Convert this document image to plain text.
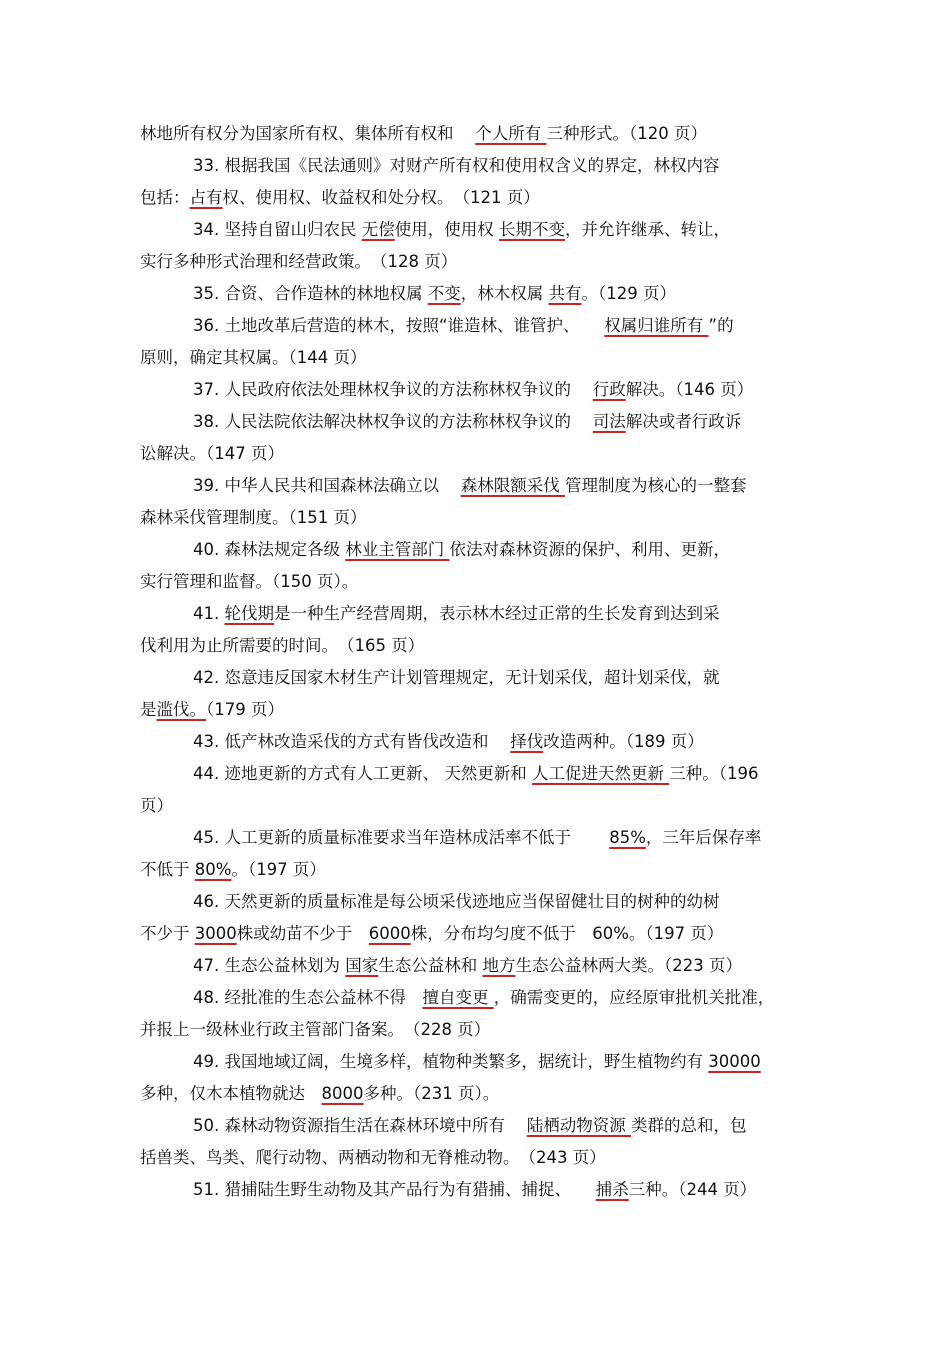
林地所有权分为国家所有权、集体所有权和　 个人所有 三种形式。（120 页）
33. 根据我国《民法通则》对财产所有权和使用权含义的界定，林权内容
包括：占有权、使用权、收益权和处分权。　（121 页）
34. 坚持自留山归农民 无偿使用，使用权 长期不变，并允许继承、转让，
实行多种形式治理和经营政策。　（128 页）
35. 合资、合作造林的林地权属 不变，林木权属 共有。（129 页）
36. 土地改革后营造的林木，按照“谁造林、谁管护、　　权属归谁所有 ”的
原则，确定其权属。（144 页）
37. 人民政府依法处理林权争议的方法称林权争议的　 行政解决。（146 页）
38. 人民法院依法解决林权争议的方法称林权争议的　 司法解决或者行政诉
讼解决。（147 页）
39. 中华人民共和国森林法确立以　 森林限额采伐 管理制度为核心的一整套
森林采伐管理制度。（151 页）
40. 森林法规定各级 林业主管部门 依法对森林资源的保护、利用、更新，
实行管理和监督。（150 页）。
41. 轮伐期是一种生产经营周期，表示林木经过正常的生长发育到达到采
伐利用为止所需要的时间。　（165 页）
42. 恣意违反国家木材生产计划管理规定，无计划采伐，超计划采伐，就
是滥伐。（179 页）
43. 低产林改造采伐的方式有皆伐改造和　 择伐改造两种。（189 页）
44. 迹地更新的方式有人工更新、 天然更新和 人工促进天然更新 三种。（196
页）
45. 人工更新的质量标准要求当年造林成活率不低于　　 85%，三年后保存率
不低于 80%。（197 页）
46. 天然更新的质量标准是每公顷采伐迹地应当保留健壮目的树种的幼树
不少于 3000株或幼苗不少于　6000株，分布均匀度不低于　60%。（197 页）
47. 生态公益林划为 国家生态公益林和 地方生态公益林两大类。（223 页）
48. 经批准的生态公益林不得　擅自变更 ，确需变更的，应经原审批机关批准，
并报上一级林业行政主管部门备案。　（228 页）
49. 我国地域辽阔，生境多样，植物种类繁多，据统计，野生植物约有 30000
多种，仅木本植物就达　8000多种。（231 页）。
50. 森林动物资源指生活在森林环境中所有　 陆栖动物资源 类群的总和，包
括兽类、鸟类、爬行动物、两栖动物和无脊椎动物。　（243 页）
51. 猎捕陆生野生动物及其产品行为有猎捕、捕捉、　　捕杀三种。（244 页）
